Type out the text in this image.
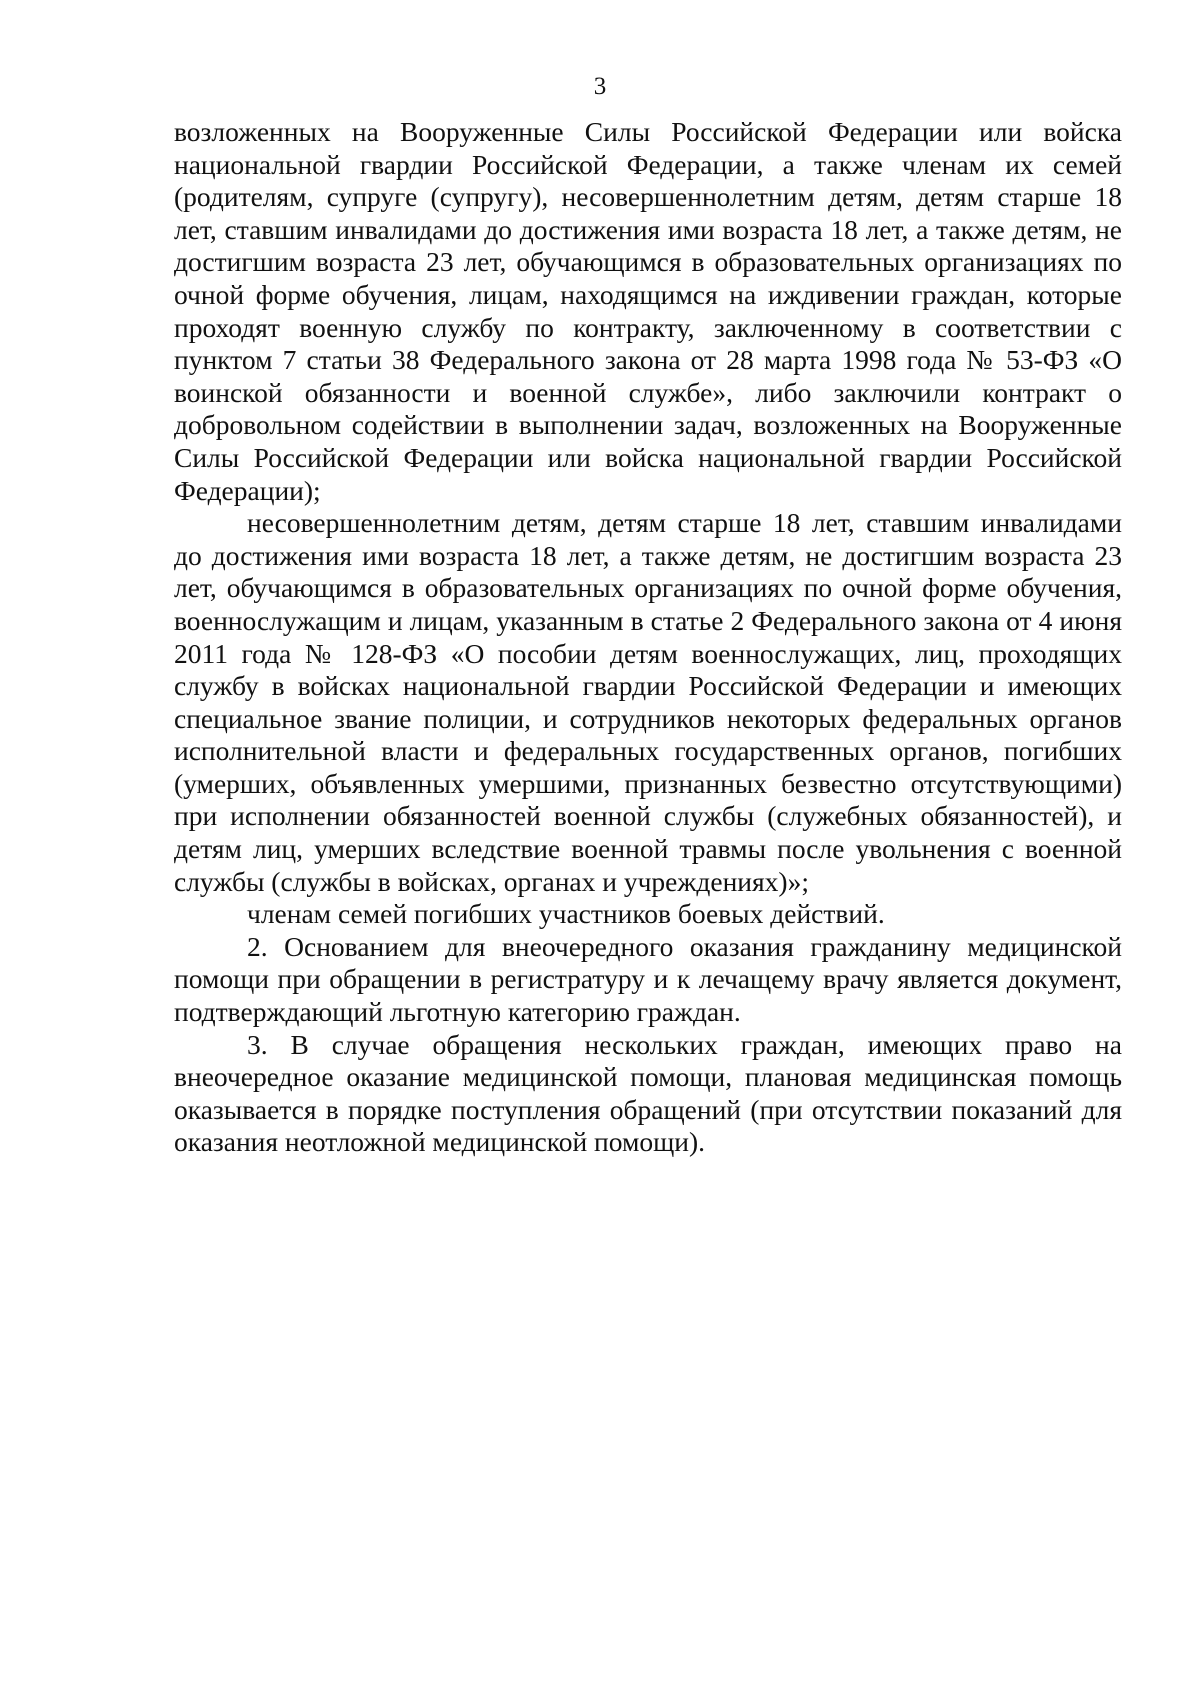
3

возложенных на Вооруженные Силы Российской Федерации или войска национальной гвардии Российской Федерации, а также членам их семей (родителям, супруге (супругу), несовершеннолетним детям, детям старше 18 лет, ставшим инвалидами до достижения ими возраста 18 лет, а также детям, не достигшим возраста 23 лет, обучающимся в образовательных организациях по очной форме обучения, лицам, находящимся на иждивении граждан, которые проходят военную службу по контракту, заключенному в соответствии с пунктом 7 статьи 38 Федерального закона от 28 марта 1998 года № 53-ФЗ «О воинской обязанности и военной службе», либо заключили контракт о добровольном содействии в выполнении задач, возложенных на Вооруженные Силы Российской Федерации или войска национальной гвардии Российской Федерации);

несовершеннолетним детям, детям старше 18 лет, ставшим инвалидами до достижения ими возраста 18 лет, а также детям, не достигшим возраста 23 лет, обучающимся в образовательных организациях по очной форме обучения, военнослужащим и лицам, указанным в статье 2 Федерального закона от 4 июня 2011 года № 128-ФЗ «О пособии детям военнослужащих, лиц, проходящих службу в войсках национальной гвардии Российской Федерации и имеющих специальное звание полиции, и сотрудников некоторых федеральных органов исполнительной власти и федеральных государственных органов, погибших (умерших, объявленных умершими, признанных безвестно отсутствующими) при исполнении обязанностей военной службы (служебных обязанностей), и детям лиц, умерших вследствие военной травмы после увольнения с военной службы (службы в войсках, органах и учреждениях)»;

членам семей погибших участников боевых действий.

2. Основанием для внеочередного оказания гражданину медицинской помощи при обращении в регистратуру и к лечащему врачу является документ, подтверждающий льготную категорию граждан.

3. В случае обращения нескольких граждан, имеющих право на внеочередное оказание медицинской помощи, плановая медицинская помощь оказывается в порядке поступления обращений (при отсутствии показаний для оказания неотложной медицинской помощи).
